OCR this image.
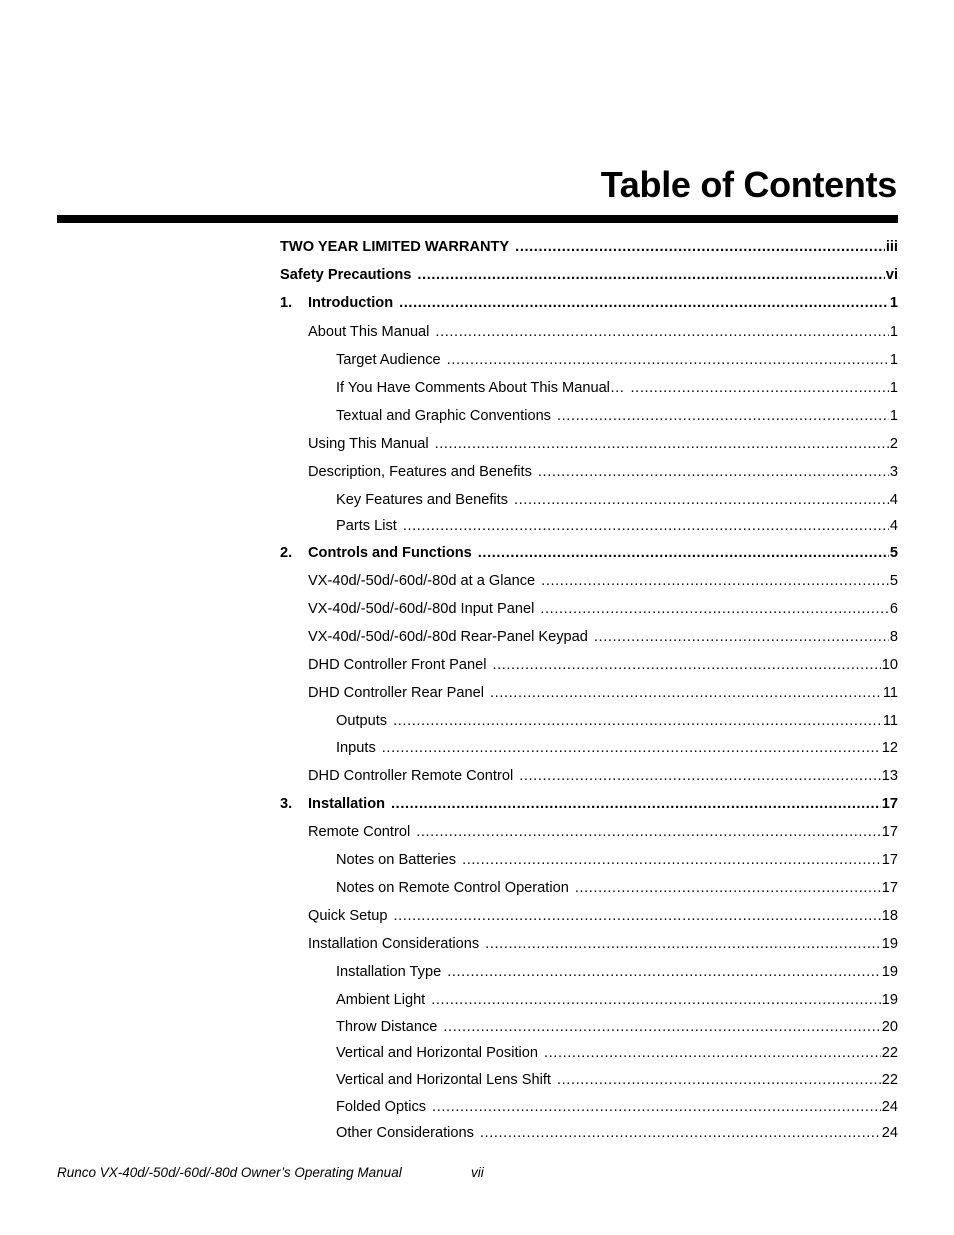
Table of Contents
TWO YEAR LIMITED WARRANTY .....	iii
Safety Precautions .....	vi
1.	Introduction .....	1
About This Manual .....	1
Target Audience .....	1
If You Have Comments About This Manual… .....	1
Textual and Graphic Conventions .....	1
Using This Manual .....	2
Description, Features and Benefits .....	3
Key Features and Benefits .....	4
Parts List .....	4
2.	Controls and Functions .....	5
VX-40d/-50d/-60d/-80d at a Glance .....	5
VX-40d/-50d/-60d/-80d Input Panel .....	6
VX-40d/-50d/-60d/-80d Rear-Panel Keypad .....	8
DHD Controller Front Panel .....	10
DHD Controller Rear Panel .....	11
Outputs .....	11
Inputs .....	12
DHD Controller Remote Control .....	13
3.	Installation .....	17
Remote Control .....	17
Notes on Batteries .....	17
Notes on Remote Control Operation .....	17
Quick Setup .....	18
Installation Considerations .....	19
Installation Type .....	19
Ambient Light .....	19
Throw Distance .....	20
Vertical and Horizontal Position .....	22
Vertical and Horizontal Lens Shift .....	22
Folded Optics .....	24
Other Considerations .....	24
Runco VX-40d/-50d/-60d/-80d Owner’s Operating Manual	vii
